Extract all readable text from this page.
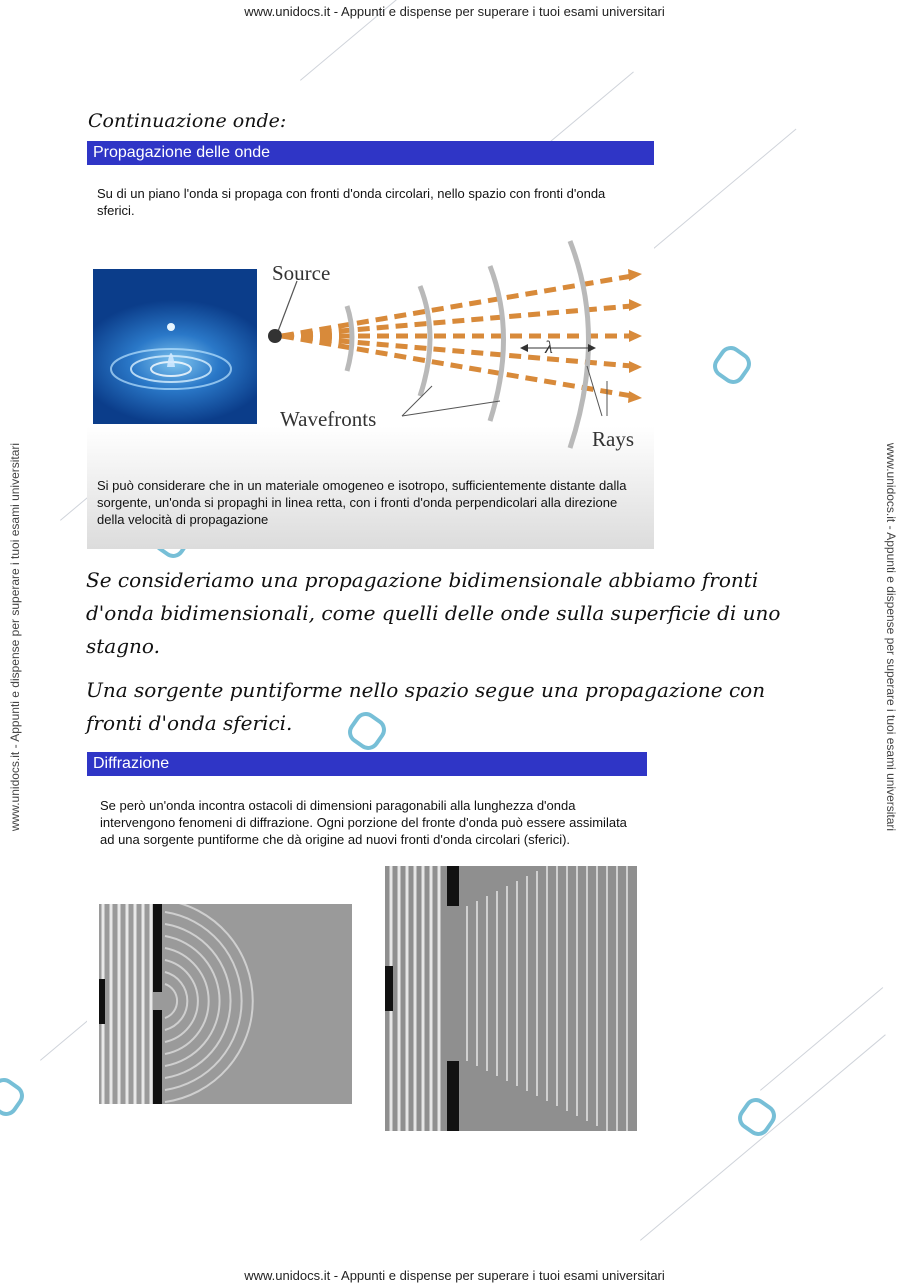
www.unidocs.it - Appunti e dispense per superare i tuoi esami universitari
www.unidocs.it - Appunti e dispense per superare i tuoi esami universitari
www.unidocs.it - Appunti e dispense per superare i tuoi esami universitari	www.unidocs.it - Appunti e dispense per superare i tuoi esami universitari
Continuazione onde:
Propagazione delle onde
Su di un piano l'onda si propaga con fronti d'onda circolari, nello spazio con fronti d'onda sferici.
Source
Wavefronts
Rays
λ
Si può considerare che in un materiale omogeneo e isotropo, sufficientemente distante dalla sorgente, un'onda si propaghi in linea retta, con i fronti d'onda perpendicolari alla direzione della velocità di propagazione
Se consideriamo una propagazione bidimensionale abbiamo fronti d'onda bidimensionali, come quelli delle onde sulla superficie di uno stagno.
Una sorgente puntiforme nello spazio segue una propagazione con fronti d'onda sferici.
Diffrazione
Se però un'onda incontra ostacoli di dimensioni paragonabili alla lunghezza d'onda intervengono fenomeni di diffrazione. Ogni porzione del fronte d'onda può essere assimilata ad una sorgente puntiforme che dà origine ad nuovi fronti d'onda circolari (sferici).
